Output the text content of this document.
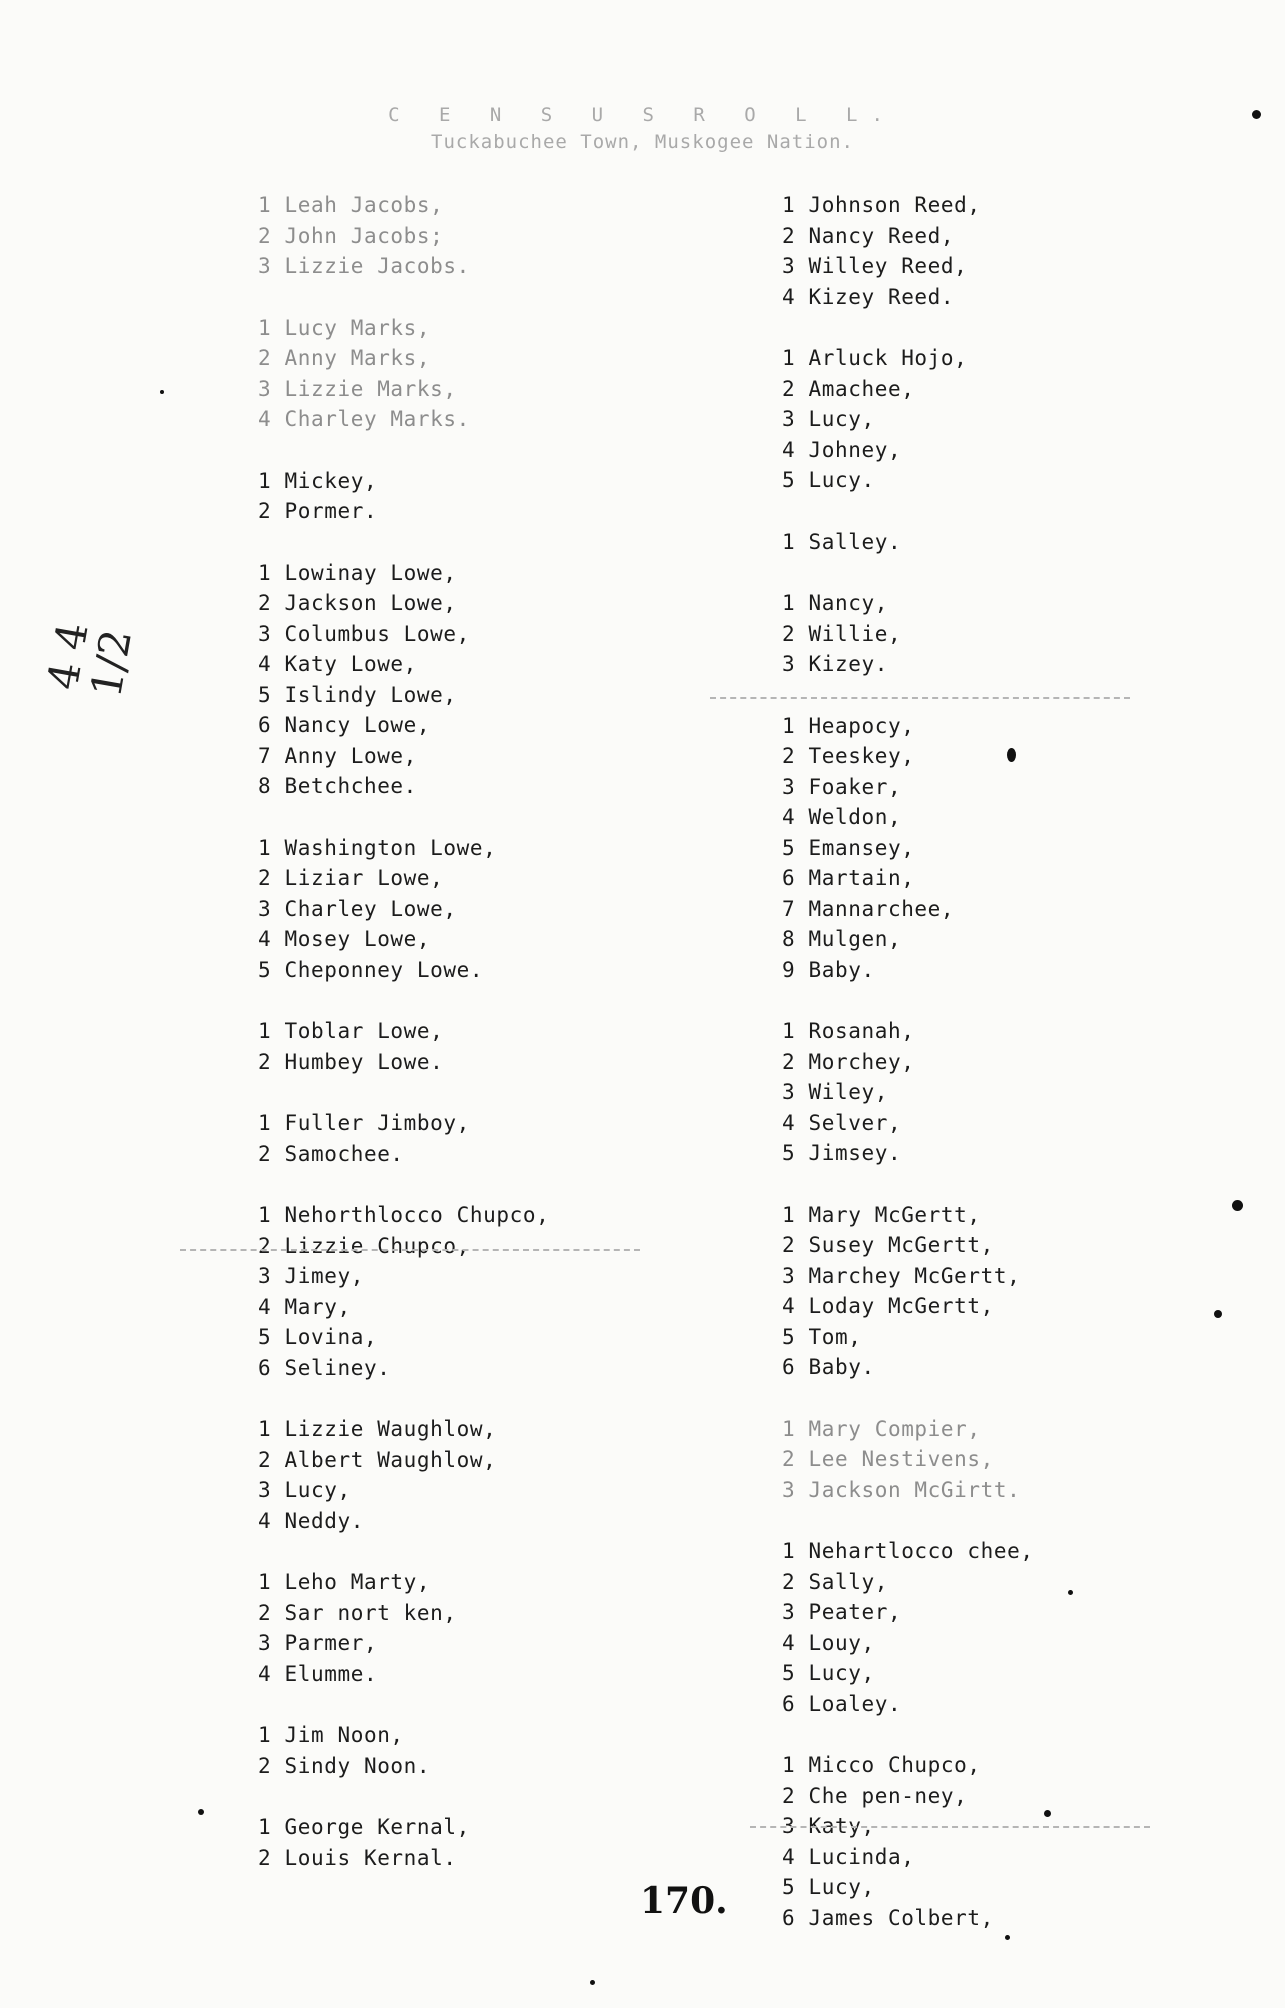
C E N S U S R O L L.
Tuckabuchee Town, Muskogee Nation.
4 4 1/2
1 Leah Jacobs,
2 John Jacobs;
3 Lizzie Jacobs.
1 Lucy Marks,
2 Anny Marks,
3 Lizzie Marks,
4 Charley Marks.
1 Mickey,
2 Pormer.
1 Lowinay Lowe,
2 Jackson Lowe,
3 Columbus Lowe,
4 Katy Lowe,
5 Islindy Lowe,
6 Nancy Lowe,
7 Anny Lowe,
8 Betchchee.
1 Washington Lowe,
2 Liziar Lowe,
3 Charley Lowe,
4 Mosey Lowe,
5 Cheponney Lowe.
1 Toblar Lowe,
2 Humbey Lowe.
1 Fuller Jimboy,
2 Samochee.
1 Nehorthlocco Chupco,
2 Lizzie Chupco,
3 Jimey,
4 Mary,
5 Lovina,
6 Seliney.
1 Lizzie Waughlow,
2 Albert Waughlow,
3 Lucy,
4 Neddy.
1 Leho Marty,
2 Sar nort ken,
3 Parmer,
4 Elumme.
1 Jim Noon,
2 Sindy Noon.
1 George Kernal,
2 Louis Kernal.
1 Johnson Reed,
2 Nancy Reed,
3 Willey Reed,
4 Kizey Reed.
1 Arluck Hojo,
2 Amachee,
3 Lucy,
4 Johney,
5 Lucy.
1 Salley.
1 Nancy,
2 Willie,
3 Kizey.
1 Heapocy,
2 Teeskey,
3 Foaker,
4 Weldon,
5 Emansey,
6 Martain,
7 Mannarchee,
8 Mulgen,
9 Baby.
1 Rosanah,
2 Morchey,
3 Wiley,
4 Selver,
5 Jimsey.
1 Mary McGertt,
2 Susey McGertt,
3 Marchey McGertt,
4 Loday McGertt,
5 Tom,
6 Baby.
1 Mary Compier,
2 Lee Nestivens,
3 Jackson McGirtt.
1 Nehartlocco chee,
2 Sally,
3 Peater,
4 Louy,
5 Lucy,
6 Loaley.
1 Micco Chupco,
2 Che pen-ney,
3 Katy,
4 Lucinda,
5 Lucy,
6 James Colbert,
170.
